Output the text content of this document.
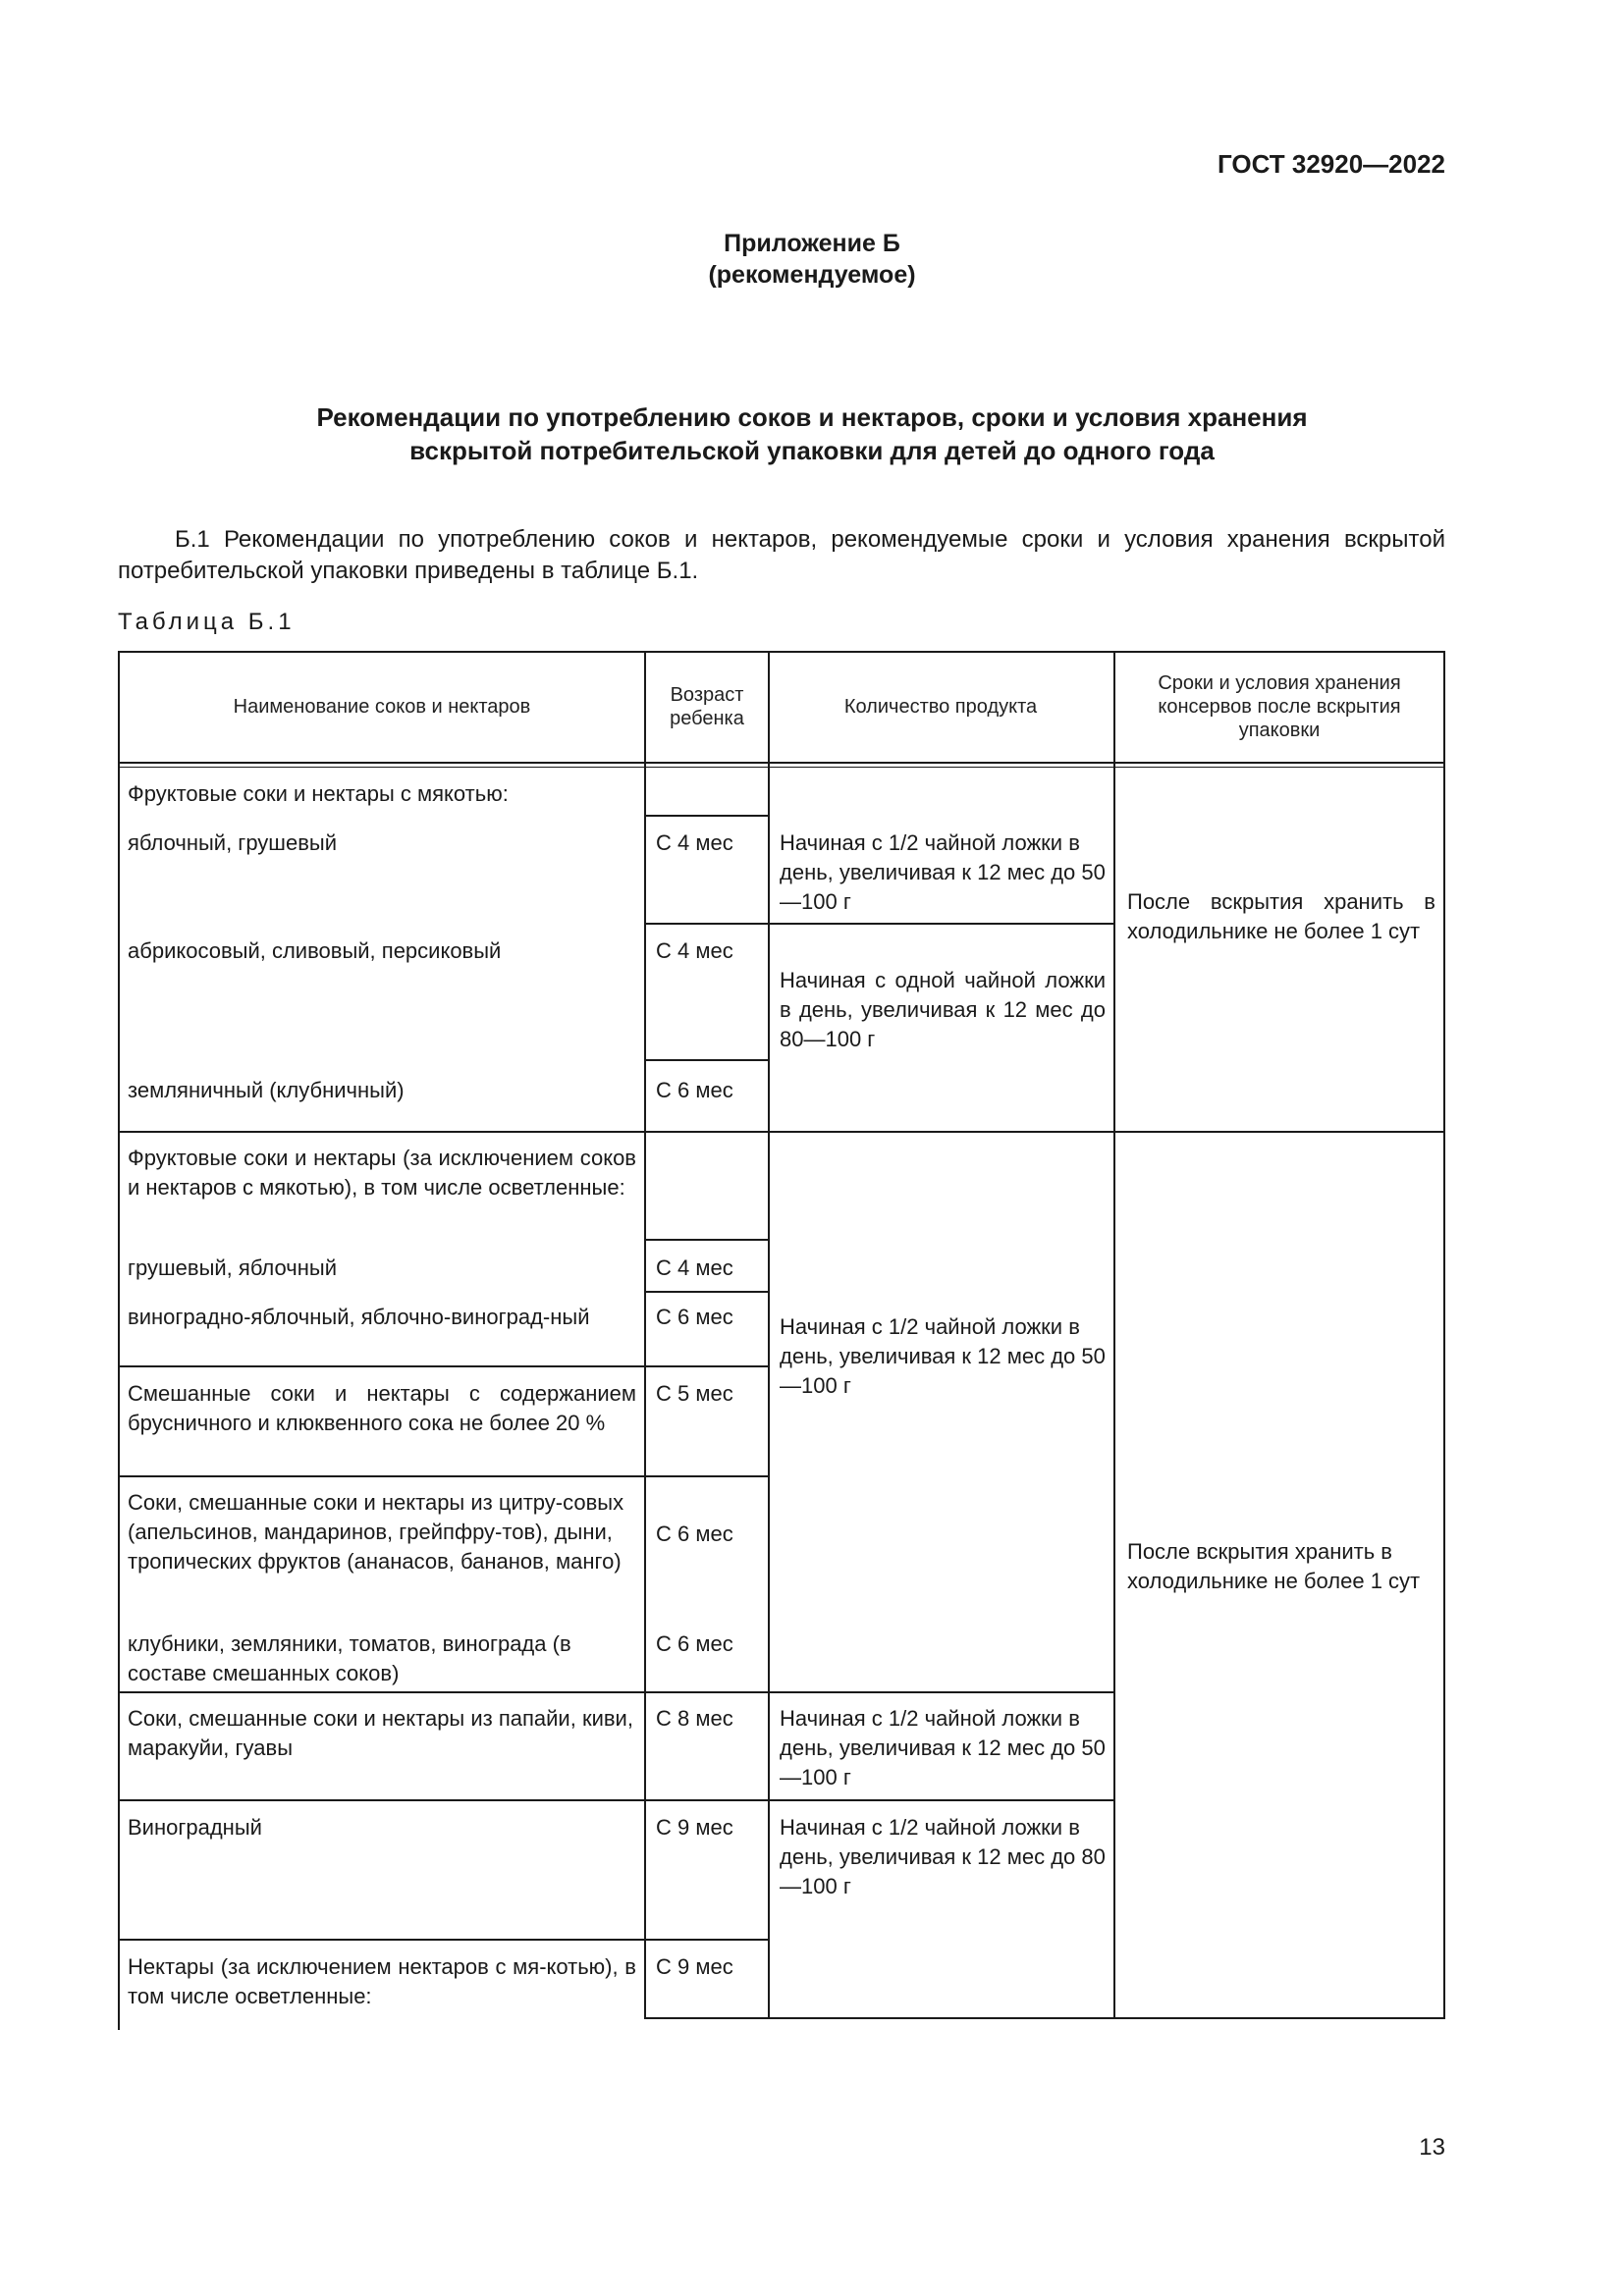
ГОСТ 32920—2022
Приложение Б
(рекомендуемое)
Рекомендации по употреблению соков и нектаров, сроки и условия хранения
вскрытой потребительской упаковки для детей до одного года
Б.1 Рекомендации по употреблению соков и нектаров, рекомендуемые сроки и условия хранения вскрытой потребительской упаковки приведены в таблице Б.1.
Таблица Б.1
Наименование соков и нектаров
Возраст ребенка
Количество продукта
Сроки и условия хранения консервов после вскрытия упаковки
Фруктовые соки и нектары с мякотью:
яблочный, грушевый
абрикосовый, сливовый, персиковый
земляничный (клубничный)
Фруктовые соки и нектары (за исключением соков и нектаров с мякотью), в том числе осветленные:
грушевый, яблочный
виноградно-яблочный, яблочно-виноград-ный
Смешанные соки и нектары с содержанием брусничного и клюквенного сока не более 20 %
Соки, смешанные соки и нектары из цитру-совых (апельсинов, мандаринов, грейпфру-тов), дыни, тропических фруктов (ананасов, бананов, манго)
клубники, земляники, томатов, винограда (в составе смешанных соков)
Соки, смешанные соки и нектары из папайи, киви, маракуйи, гуавы
Виноградный
Нектары (за исключением нектаров с мя-котью), в том числе осветленные:
С 4 мес
С 4 мес
С 6 мес
С 4 мес
С 6 мес
С 5 мес
С 6 мес
С 6 мес
С 8 мес
С 9 мес
С 9 мес
Начиная с 1/2 чайной ложки в день, увеличивая к 12 мес до 50—100 г
Начиная с одной чайной ложки в день, увеличивая к 12 мес до 80—100 г
Начиная с 1/2 чайной ложки в день, увеличивая к 12 мес до 50—100 г
Начиная с 1/2 чайной ложки в день, увеличивая к 12 мес до 50—100 г
Начиная с 1/2 чайной ложки в день, увеличивая к 12 мес до 80—100 г
После вскрытия хранить в холодильнике не более 1 сут
После вскрытия хранить в холодильнике не более 1 сут
13
